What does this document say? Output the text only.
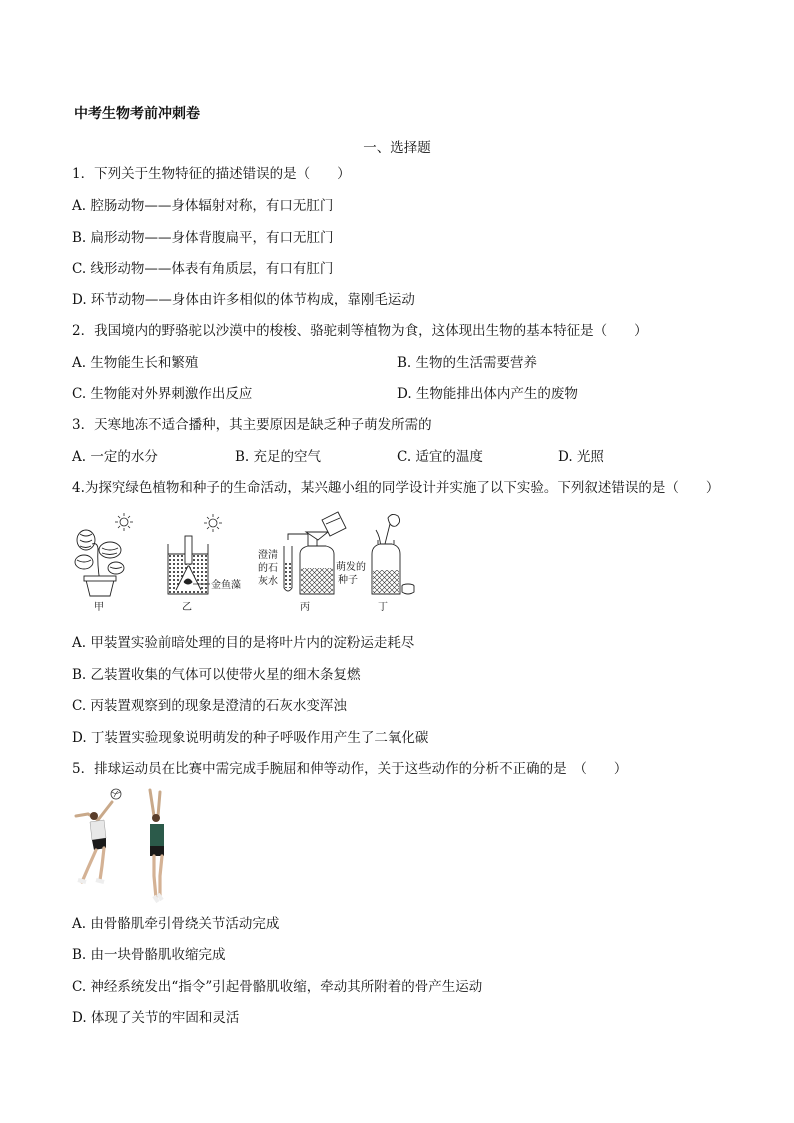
中考生物考前冲刺卷
一、选择题
1．下列关于生物特征的描述错误的是（　　）
A. 腔肠动物——身体辐射对称，有口无肛门
B. 扁形动物——身体背腹扁平，有口无肛门
C. 线形动物——体表有角质层，有口有肛门
D. 环节动物——身体由许多相似的体节构成，靠刚毛运动
2．我国境内的野骆驼以沙漠中的梭梭、骆驼刺等植物为食，这体现出生物的基本特征是（　　）
A. 生物能生长和繁殖	B. 生物的生活需要营养
C. 生物能对外界刺激作出反应	D. 生物能排出体内产生的废物
3．天寒地冻不适合播种，其主要原因是缺乏种子萌发所需的
A. 一定的水分	B. 充足的空气	C. 适宜的温度	D. 光照
4.为探究绿色植物和种子的生命活动，某兴趣小组的同学设计并实施了以下实验。下列叙述错误的是（　　）
甲
金鱼藻
乙
澄清
的石
灰水
萌发的
种子
丙	丁
A. 甲装置实验前暗处理的目的是将叶片内的淀粉运走耗尽
B. 乙装置收集的气体可以使带火星的细木条复燃
C. 丙装置观察到的现象是澄清的石灰水变浑浊
D. 丁装置实验现象说明萌发的种子呼吸作用产生了二氧化碳
5．排球运动员在比赛中需完成手腕屈和伸等动作，关于这些动作的分析不正确的是　（　　）
A. 由骨骼肌牵引骨绕关节活动完成
B. 由一块骨骼肌收缩完成
C. 神经系统发出“指令”引起骨骼肌收缩，牵动其所附着的骨产生运动
D. 体现了关节的牢固和灵活
